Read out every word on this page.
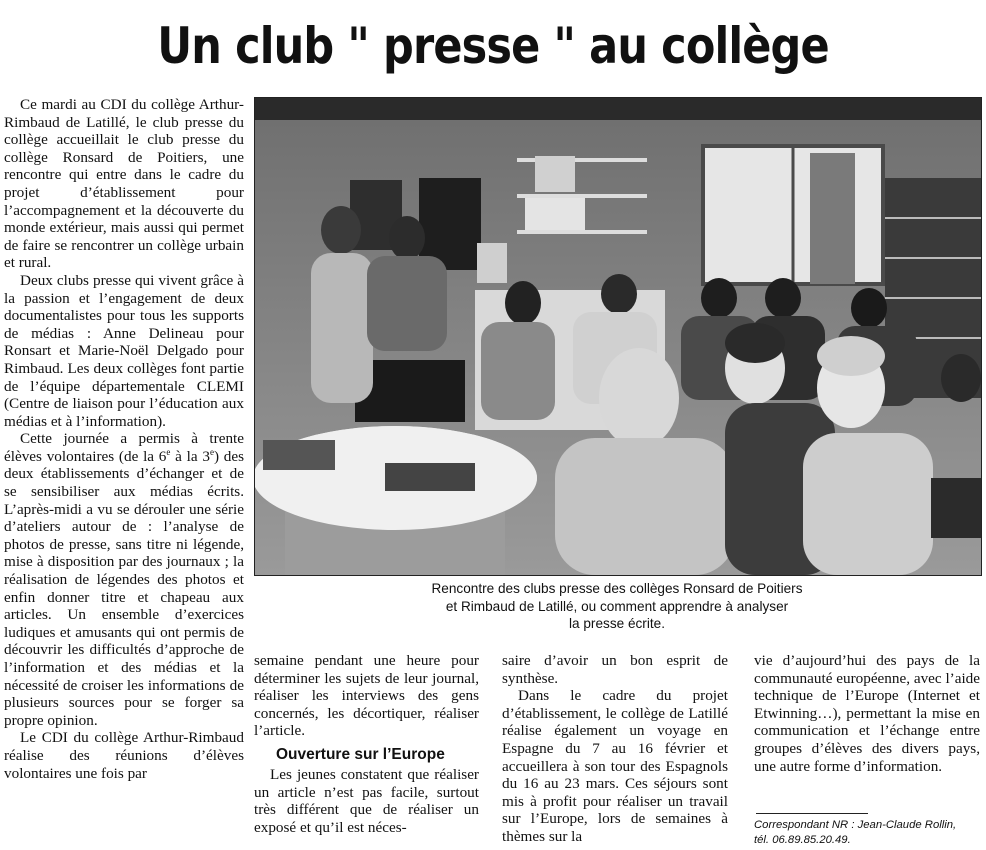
Un club " presse " au collège

Ce mardi au CDI du collège Arthur-Rimbaud de Latillé, le club presse du collège accueillait le club presse du collège Ronsard de Poitiers, une rencontre qui entre dans le cadre du projet d’établissement pour l’accompagnement et la découverte du monde extérieur, mais aussi qui permet de faire se rencontrer un collège urbain et rural.

Deux clubs presse qui vivent grâce à la passion et l’engagement de deux documentalistes pour tous les supports de médias : Anne Delineau pour Ronsart et Marie-Noël Delgado pour Rimbaud. Les deux collèges font partie de l’équipe départementale CLEMI (Centre de liaison pour l’éducation aux médias et à l’information).

Cette journée a permis à trente élèves volontaires (de la 6e à la 3e) des deux établissements d’échanger et de se sensibiliser aux médias écrits. L’après-midi a vu se dérouler une série d’ateliers autour de : l’analyse de photos de presse, sans titre ni légende, mise à disposition par des journaux ; la réalisation de légendes des photos et enfin donner titre et chapeau aux articles. Un ensemble d’exercices ludiques et amusants qui ont permis de découvrir les difficultés d’approche de l’information et des médias et la nécessité de croiser les informations de plusieurs sources pour se forger sa propre opinion.

Le CDI du collège Arthur-Rimbaud réalise des réunions d’élèves volontaires une fois par

Rencontre des clubs presse des collèges Ronsard de Poitiers
et Rimbaud de Latillé, ou comment apprendre à analyser
la presse écrite.

semaine pendant une heure pour déterminer les sujets de leur journal, réaliser les interviews des gens concernés, les décortiquer, réaliser l’article.

Ouverture sur l’Europe

Les jeunes constatent que réaliser un article n’est pas facile, surtout très différent que de réaliser un exposé et qu’il est néces-

saire d’avoir un bon esprit de synthèse.

Dans le cadre du projet d’établissement, le collège de Latillé réalise également un voyage en Espagne du 7 au 16 février et accueillera à son tour des Espagnols du 16 au 23 mars. Ces séjours sont mis à profit pour réaliser un travail sur l’Europe, lors de semaines à thèmes sur la

vie d’aujourd’hui des pays de la communauté européenne, avec l’aide technique de l’Europe (Internet et Etwinning…), permettant la mise en communication et l’échange entre groupes d’élèves des divers pays, une autre forme d’information.

Correspondant NR : Jean-Claude Rollin,
tél. 06.89.85.20.49.
